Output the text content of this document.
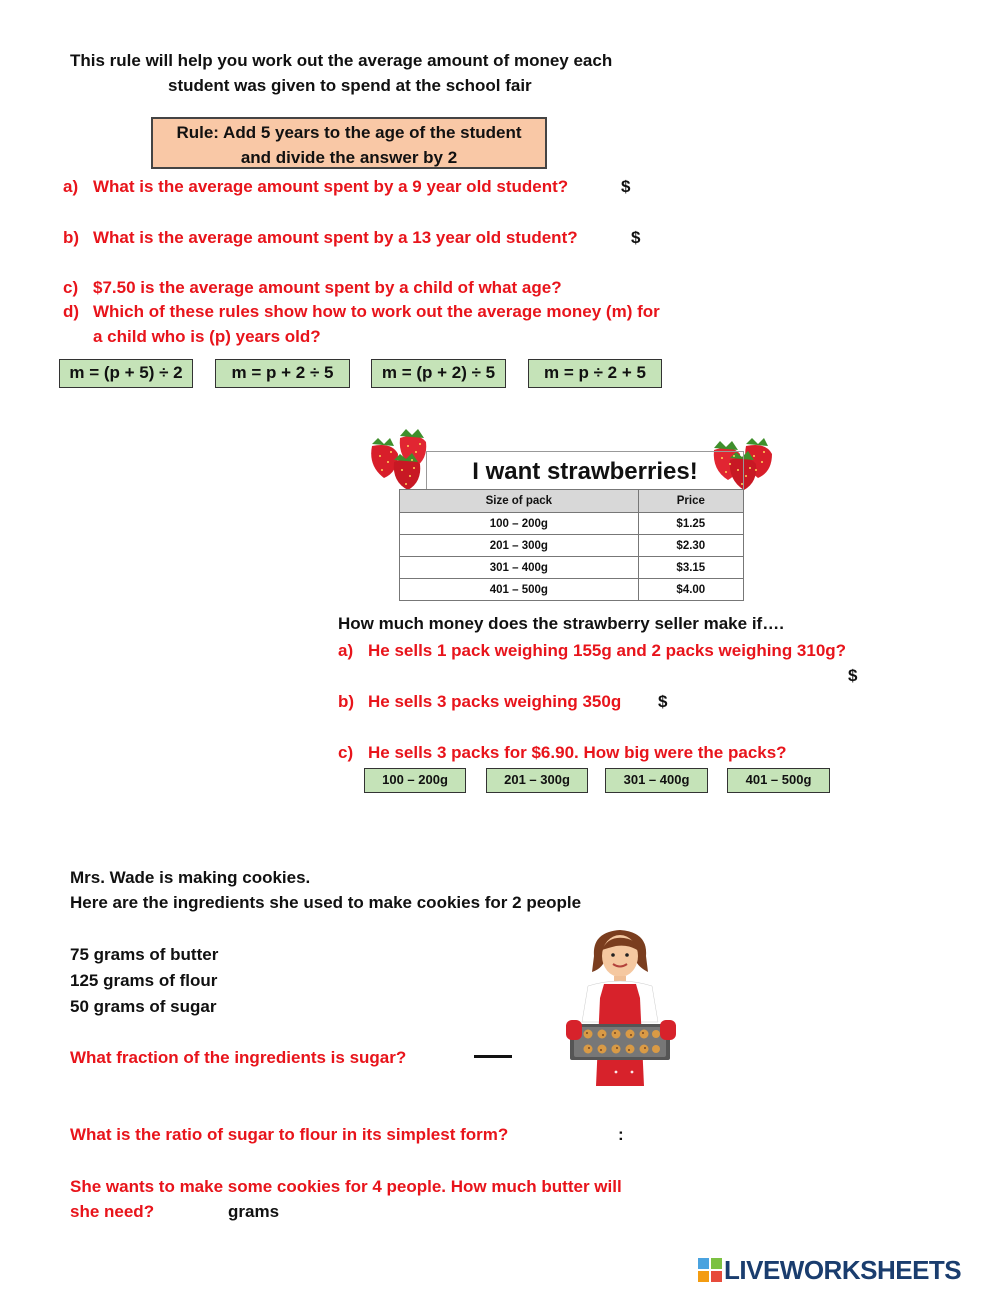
This rule will help you work out the average amount of money each
student was given to spend at the school fair
Rule: Add 5 years to the age of the student
and divide the answer by 2
a) What is the average amount spent by a 9 year old student?	$
b) What is the average amount spent by a 13 year old student?	$
c) $7.50 is the average amount spent by a child of what age?
d) Which of these rules show how to work out the average money (m) for
a child who is (p) years old?
m = (p + 5) ÷ 2	m = p + 2 ÷ 5	m = (p + 2) ÷ 5	m = p ÷ 2 + 5
I want strawberries!
Size of pack	Price
100 – 200g	$1.25
201 – 300g	$2.30
301 – 400g	$3.15
401 – 500g	$4.00
How much money does the strawberry seller make if….
a) He sells 1 pack weighing 155g and 2 packs weighing 310g?
$
b) He sells 3 packs weighing 350g $
c) He sells 3 packs for $6.90. How big were the packs?
100 – 200g	201 – 300g	301 – 400g	401 – 500g
Mrs. Wade is making cookies.
Here are the ingredients she used to make cookies for 2 people
75 grams of butter
125 grams of flour
50 grams of sugar
What fraction of the ingredients is sugar?
What is the ratio of sugar to flour in its simplest form?	:
She wants to make some cookies for 4 people. How much butter will
she need?	grams
LIVEWORKSHEETS
